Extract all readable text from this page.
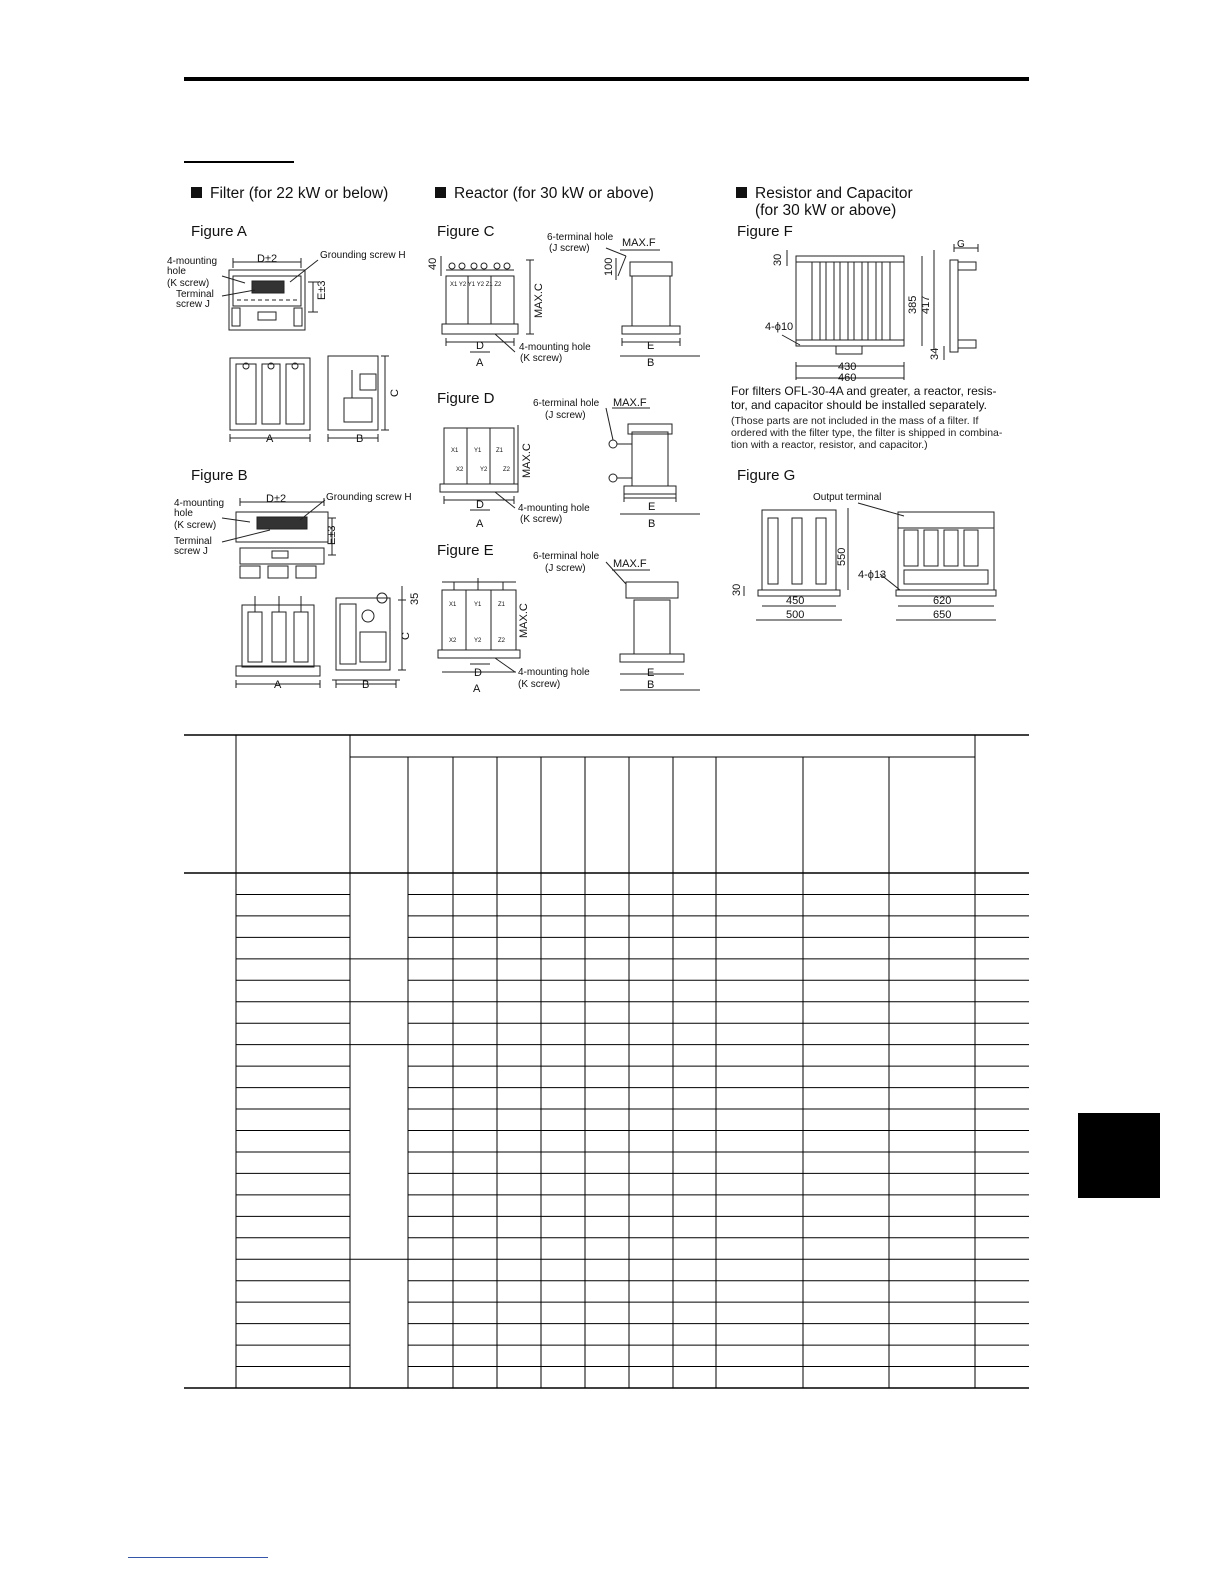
Filter (for 22 kW or below)	Reactor (for 30 kW or above)	Resistor and Capacitor
(for 30 kW or above)
Figure A
Figure B
Figure C
Figure D
Figure E
Figure F
Figure G
For filters OFL-30-4A and greater, a reactor, resis-
tor, and capacitor should be installed separately.
(Those parts are not included in the mass of a filter. If
ordered with the filter type, the filter is shipped in combina-
tion with a reactor, resistor, and capacitor.)
D±2	Grounding screw H
4-mounting
hole
(K screw)
Terminal
screw J
E±3
A	B
C
D±2	Grounding screw H
4-mounting
hole
(K screw)
Terminal
screw J
E±3
A	B
C
35
6-terminal hole
(J screw)	MAX.F
40	100
X1 Y2 Y1 Y2 Z1 Z2	MAX.C
D	4-mounting hole
(K screw)
A
E
B
6-terminal hole
(J screw)
MAX.F
X1	Y1 Z1
X2	Y2	Z2 MAX.C
D	4-mounting hole
(K screw)
A
E
B
6-terminal hole
(J screw) MAX.F
X1	Y1	Z1
X2	Y2	Z2
MAX.C
D	4-mounting hole
(K screw)
A
E
B
G
30
385 417
34
4-ϕ10
430
460
Output terminal
550
30
450
500
4-ϕ13
620
650
